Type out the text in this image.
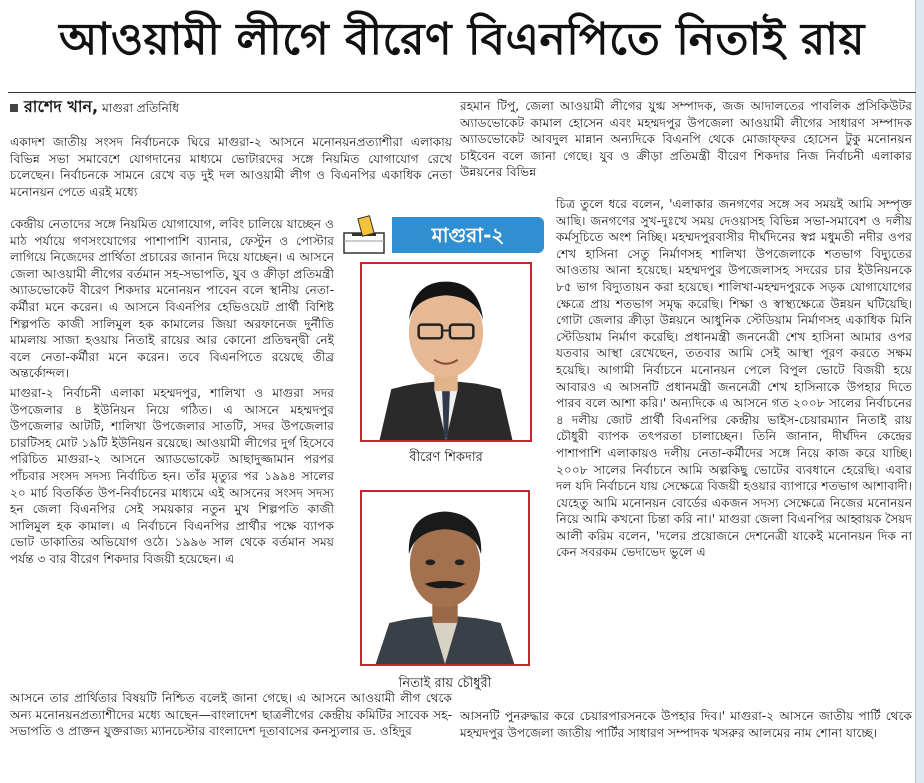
আওয়ামী লীগে বীরেণ বিএনপিতে নিতাই রায়
রাশেদ খান, মাগুরা প্রতিনিধি

একাদশ জাতীয় সংসদ নির্বাচনকে ঘিরে মাগুরা-২ আসনে মনোনয়নপ্রত্যাশীরা এলাকায় বিভিন্ন সভা সমাবেশে যোগদানের মাধ্যমে ভোটারদের সঙ্গে নিয়মিত যোগাযোগ রেখে চলেছেন। নির্বাচনকে সামনে রেখে বড় দুই দল আওয়ামী লীগ ও বিএনপির একাধিক নেতা মনোনয়ন পেতে এরই মধ্যে

কেন্দ্রীয় নেতাদের সঙ্গে নিয়মিত যোগাযোগ, লবিং চালিয়ে যাচ্ছেন ও মাঠ পর্যায়ে গণসংযোগের পাশাপাশি ব্যানার, ফেস্টুন ও পোস্টার লাগিয়ে নিজেদের প্রার্থিতা প্রচারের জানান দিয়ে যাচ্ছেন। এ আসনে জেলা আওয়ামী লীগের বর্তমান সহ-সভাপতি, যুব ও ক্রীড়া প্রতিমন্ত্রী অ্যাডভোকেট বীরেণ শিকদার মনোনয়ন পাবেন বলে স্থানীয় নেতা-কর্মীরা মনে করেন। এ আসনে বিএনপির হেভিওয়েট প্রার্থী বিশিষ্ট শিল্পপতি কাজী সালিমুল হক কামালের জিয়া অরফানেজ দুর্নীতি মামলায় সাজা হওয়ায় নিতাই রায়ের আর কোনো প্রতিদ্বন্দ্বী নেই বলে নেতা-কর্মীরা মনে করেন। তবে বিএনপিতে রয়েছে তীব্র অন্তর্কোন্দল।

মাগুরা-২ নির্বাচনী এলাকা মহম্মদপুর, শালিখা ও মাগুরা সদর উপজেলার ৪ ইউনিয়ন নিয়ে গঠিত। এ আসনে মহম্মদপুর উপজেলার আটটি, শালিখা উপজেলার সাতটি, সদর উপজেলার চারটিসহ মোট ১৯টি ইউনিয়ন রয়েছে। আওয়ামী লীগের দুর্গ হিসেবে পরিচিত মাগুরা-২ আসনে অ্যাডভোকেট আছাদুজ্জামান পরপর পাঁচবার সংসদ সদস্য নির্বাচিত হন। তাঁর মৃত্যুর পর ১৯৯৪ সালের ২০ মার্চ বিতর্কিত উপ-নির্বাচনের মাধ্যমে এই আসনের সংসদ সদস্য হন জেলা বিএনপির সেই সময়কার নতুন মুখ শিল্পপতি কাজী সালিমুল হক কামাল। এ নির্বাচনে বিএনপির প্রার্থীর পক্ষে ব্যাপক ভোট ডাকাতির অভিযোগ ওঠে। ১৯৯৬ সাল থেকে বর্তমান সময় পর্যন্ত ৩ বার বীরেণ শিকদার বিজয়ী হয়েছেন। এ

আসনে তার প্রার্থিতার বিষয়টি নিশ্চিত বলেই জানা গেছে। এ আসনে আওয়ামী লীগ থেকে অন্য মনোনয়নপ্রত্যাশীদের মধ্যে আছেন—বাংলাদেশ ছাত্রলীগের কেন্দ্রীয় কমিটির সাবেক সহ-সভাপতি ও প্রাক্তন যুক্তরাজ্য ম্যানচেস্টার বাংলাদেশ দূতাবাসের কনস্যুলার ড. ওহিদুর

মাগুরা-২
বীরেণ শিকদার
নিতাই রায় চৌধুরী

রহমান টিপু, জেলা আওয়ামী লীগের যুগ্ম সম্পাদক, জজ আদালতের পাবলিক প্রসিকিউটর অ্যাডভোকেট কামাল হোসেন এবং মহম্মদপুর উপজেলা আওয়ামী লীগের সাধারণ সম্পাদক অ্যাডভোকেট আবদুল মান্নান অন্যদিকে বিএনপি থেকে মোজাফ্ফর হোসেন টুকু মনোনয়ন চাইবেন বলে জানা গেছে। যুব ও ক্রীড়া প্রতিমন্ত্রী বীরেণ শিকদার নিজ নির্বাচনী এলাকার উন্নয়নের বিভিন্ন

চিত্র তুলে ধরে বলেন, 'এলাকার জনগণের সঙ্গে সব সময়ই আমি সম্পৃক্ত আছি। জনগণের সুখ-দুঃখে সময় দেওয়াসহ বিভিন্ন সভা-সমাবেশ ও দলীয় কর্মসূচিতে অংশ নিচ্ছি। মহম্মদপুরবাসীর দীর্ঘদিনের স্বপ্ন মধুমতী নদীর ওপর শেখ হাসিনা সেতু নির্মাণসহ শালিখা উপজেলাকে শতভাগ বিদ্যুতের আওতায় আনা হয়েছে। মহম্মদপুর উপজেলাসহ সদরের চার ইউনিয়নকে ৮৫ ভাগ বিদ্যুতায়ন করা হয়েছে। শালিখা-মহম্মদপুরকে সড়ক যোগাযোগের ক্ষেত্রে প্রায় শতভাগ সমৃদ্ধ করেছি। শিক্ষা ও স্বাস্থ্যক্ষেত্রে উন্নয়ন ঘটিয়েছি। গোটা জেলার ক্রীড়া উন্নয়নে আধুনিক স্টেডিয়াম নির্মাণসহ একাধিক মিনি স্টেডিয়াম নির্মাণ করেছি। প্রধানমন্ত্রী জননেত্রী শেখ হাসিনা আমার ওপর যতবার আস্থা রেখেছেন, ততবার আমি সেই আস্থা পূরণ করতে সক্ষম হয়েছি। আগামী নির্বাচনে মনোনয়ন পেলে বিপুল ভোটে বিজয়ী হয়ে আবারও এ আসনটি প্রধানমন্ত্রী জননেত্রী শেখ হাসিনাকে উপহার দিতে পারব বলে আশা করি।' অন্যদিকে এ আসনে গত ২০০৮ সালের নির্বাচনের ৪ দলীয় জোট প্রার্থী বিএনপির কেন্দ্রীয় ভাইস-চেয়ারম্যান নিতাই রায় চৌধুরী ব্যাপক তৎপরতা চালাচ্ছেন। তিনি জানান, দীর্ঘদিন কেন্দ্রের পাশাপাশি এলাকায়ও দলীয় নেতা-কর্মীদের সঙ্গে নিয়ে কাজ করে যাচ্ছি। ২০০৮ সালের নির্বাচনে আমি অল্পকিছু ভোটের ব্যবধানে হেরেছি। এবার দল যদি নির্বাচনে যায় সেক্ষেত্রে বিজয়ী হওয়ার ব্যাপারে শতভাগ আশাবাদী। যেহেতু আমি মনোনয়ন বোর্ডের একজন সদস্য সেক্ষেত্রে নিজের মনোনয়ন নিয়ে আমি কখনো চিন্তা করি না।' মাগুরা জেলা বিএনপির আহ্বায়ক সৈয়দ আলী করিম বলেন, 'দলের প্রয়োজনে দেশনেত্রী যাকেই মনোনয়ন দিক না কেন সবরকম ভেদাভেদ ভুলে এ

আসনটি পুনরুদ্ধার করে চেয়ারপারসনকে উপহার দিব।' মাগুরা-২ আসনে জাতীয় পার্টি থেকে মহম্মদপুর উপজেলা জাতীয় পার্টির সাধারণ সম্পাদক খসরুর আলমের নাম শোনা যাচ্ছে।
